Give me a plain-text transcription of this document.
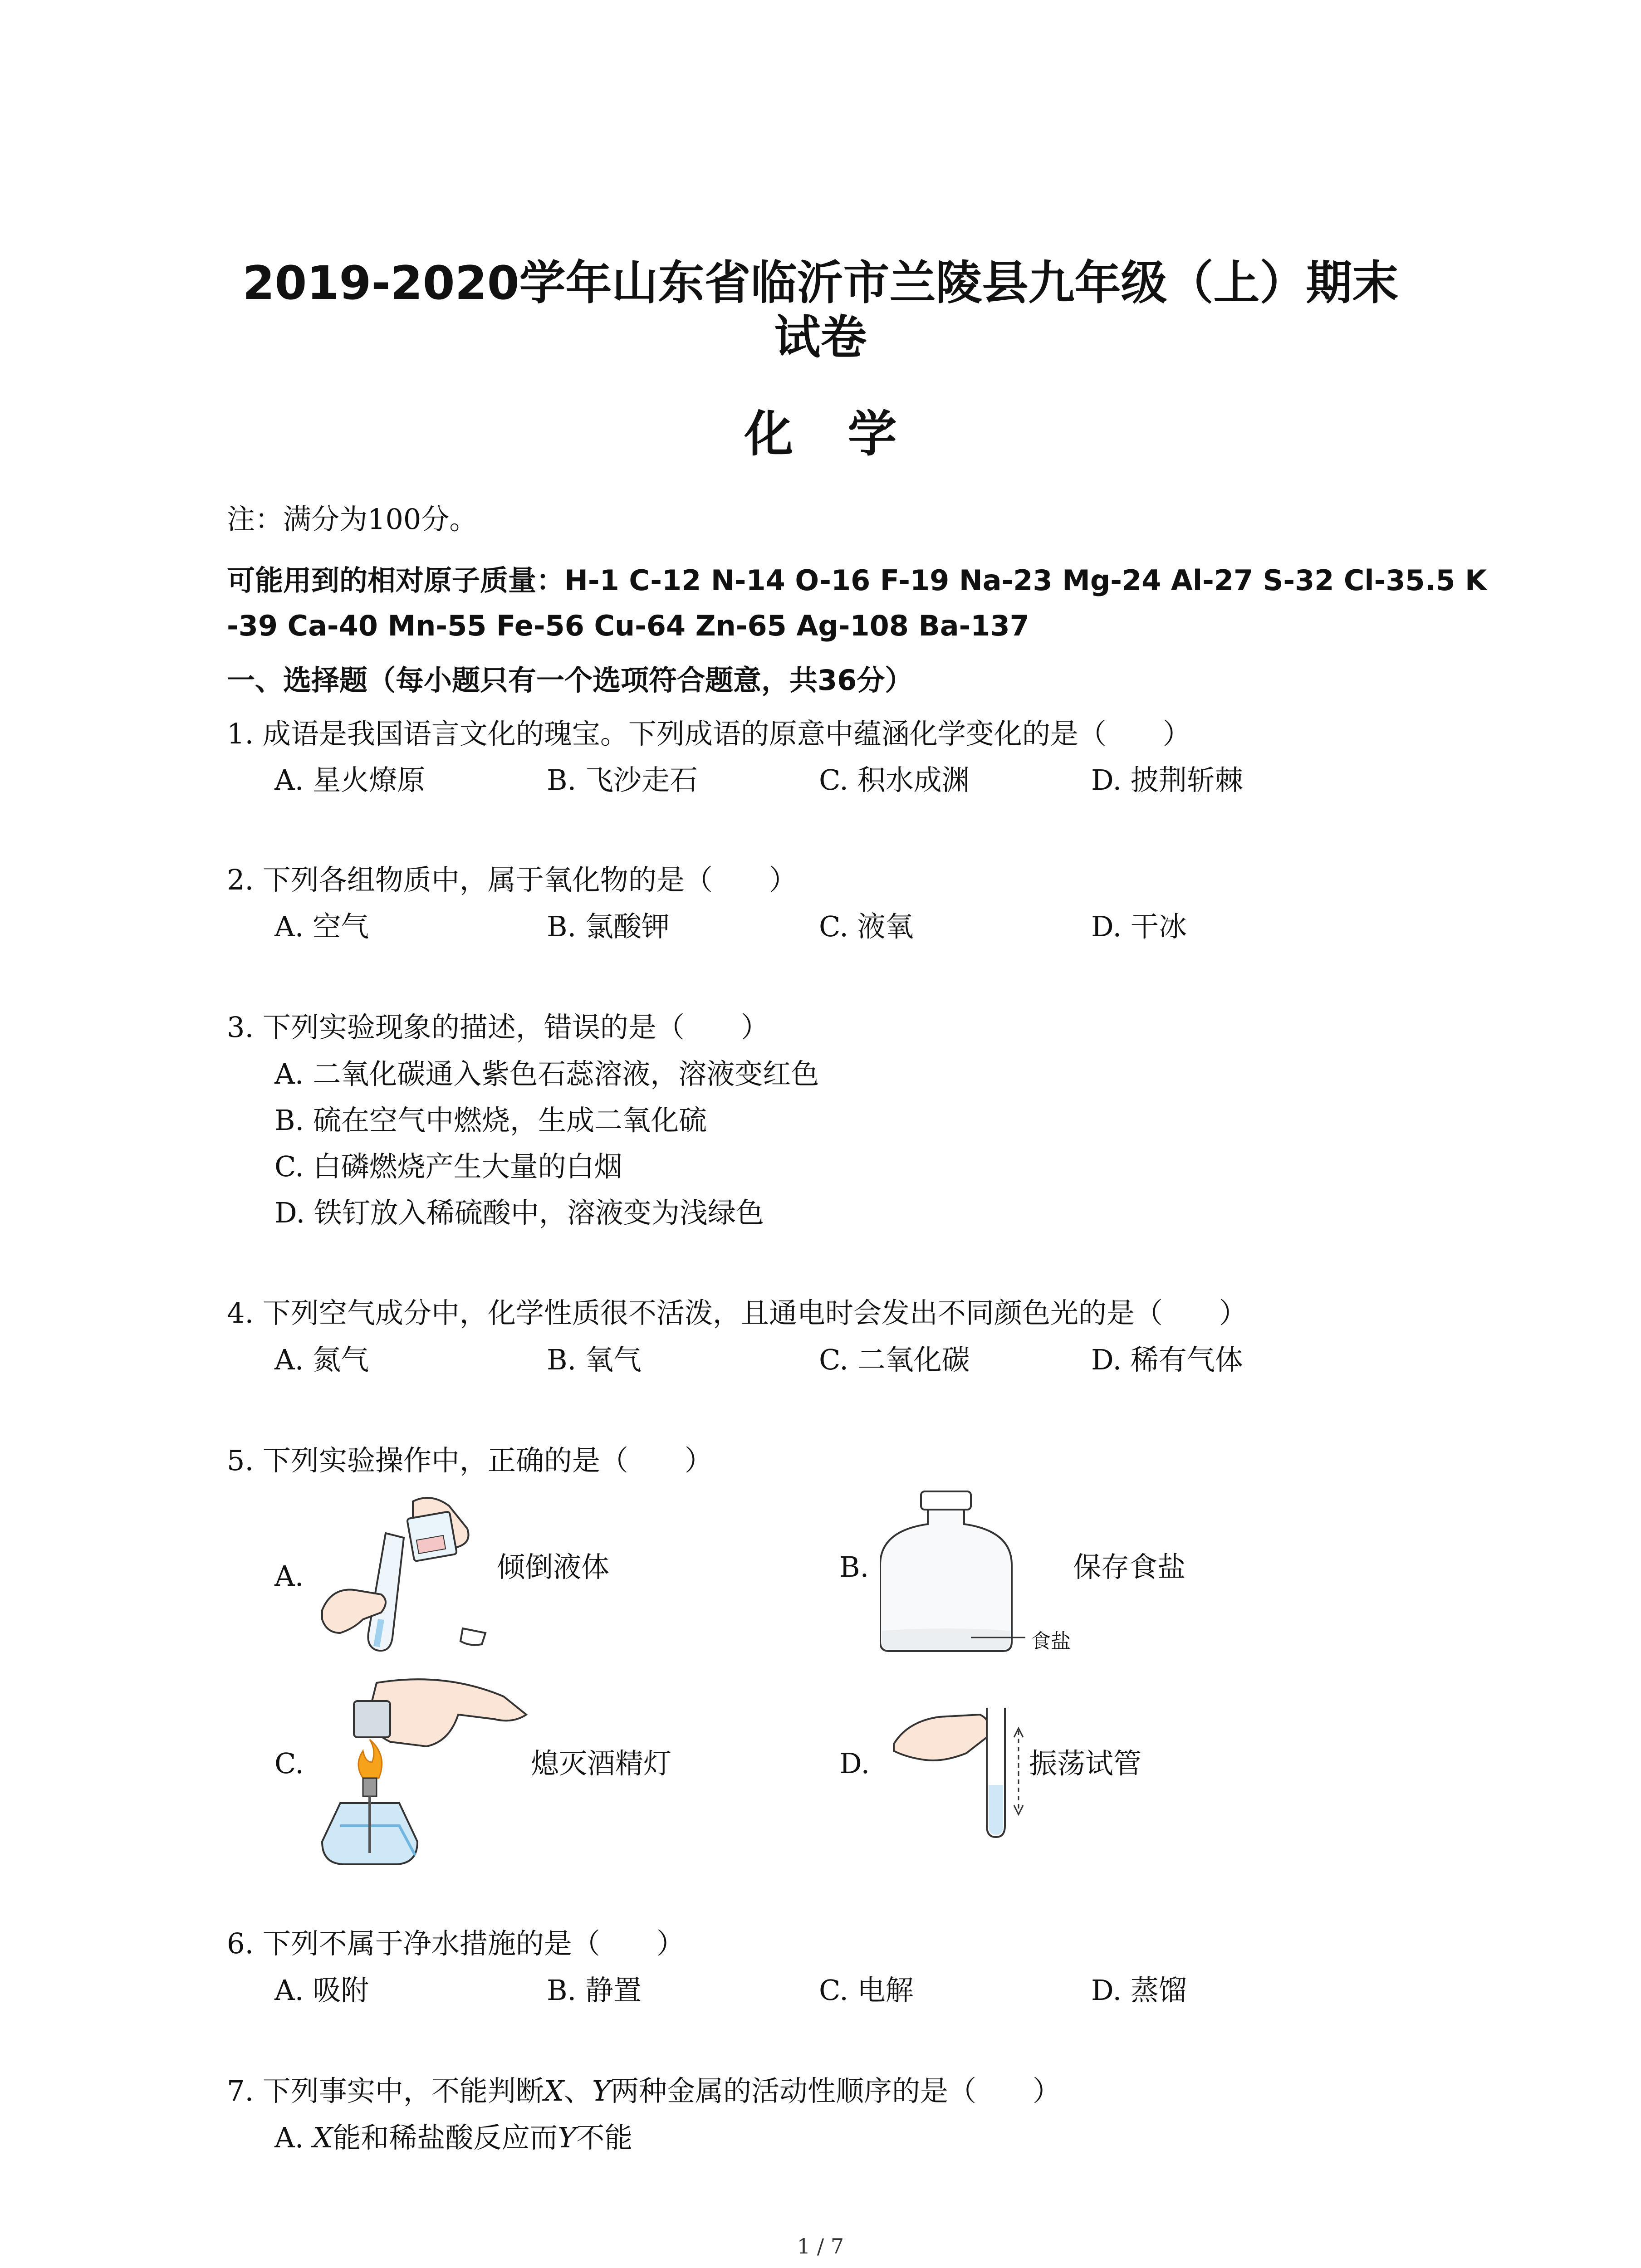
2019-2020学年山东省临沂市兰陵县九年级（上）期末
试卷
化学
注：满分为100分。
可能用到的相对原子质量：H-1 C-12 N-14 O-16 F-19 Na-23 Mg-24 Al-27 S-32 Cl-35.5 K
-39 Ca-40 Mn-55 Fe-56 Cu-64 Zn-65 Ag-108 Ba-137
一、选择题（每小题只有一个选项符合题意，共36分）
1. 成语是我国语言文化的瑰宝。下列成语的原意中蕴涵化学变化的是（　　）
A. 星火燎原	B. 飞沙走石	C. 积水成渊	D. 披荆斩棘
2. 下列各组物质中，属于氧化物的是（　　）
A. 空气	B. 氯酸钾	C. 液氧	D. 干冰
3. 下列实验现象的描述，错误的是（　　）
A. 二氧化碳通入紫色石蕊溶液，溶液变红色
B. 硫在空气中燃烧，生成二氧化硫
C. 白磷燃烧产生大量的白烟
D. 铁钉放入稀硫酸中，溶液变为浅绿色
4. 下列空气成分中，化学性质很不活泼，且通电时会发出不同颜色光的是（　　）
A. 氮气	B. 氧气	C. 二氧化碳	D. 稀有气体
5. 下列实验操作中，正确的是（　　）
A.	倾倒液体	B.
食盐
保存食盐
C.	熄灭酒精灯	D.	振荡试管
6. 下列不属于净水措施的是（　　）
A. 吸附	B. 静置	C. 电解	D. 蒸馏
7. 下列事实中，不能判断X、Y两种金属的活动性顺序的是（　　）
A. X能和稀盐酸反应而Y不能
1 / 7
